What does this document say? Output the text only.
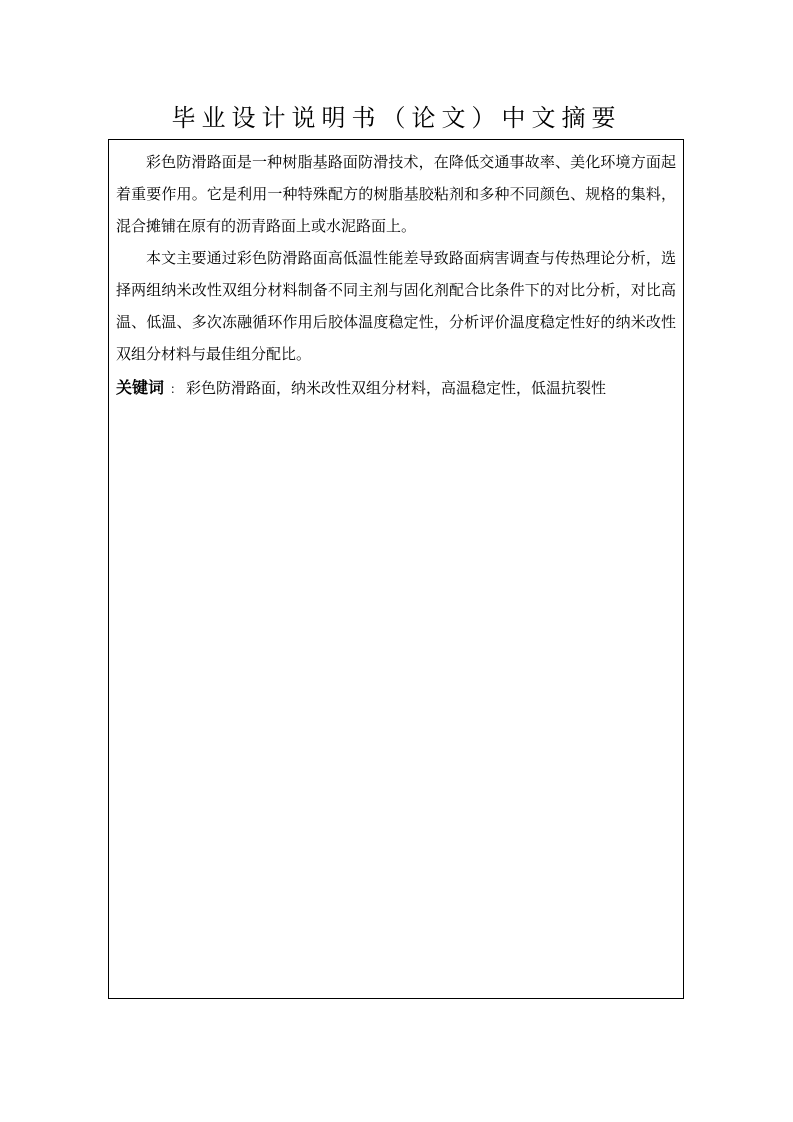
毕业设计说明书（论文）中文摘要

彩色防滑路面是一种树脂基路面防滑技术，在降低交通事故率、美化环境方面起着重要作用。它是利用一种特殊配方的树脂基胶粘剂和多种不同颜色、规格的集料，混合摊铺在原有的沥青路面上或水泥路面上。

本文主要通过彩色防滑路面高低温性能差导致路面病害调查与传热理论分析，选择两组纳米改性双组分材料制备不同主剂与固化剂配合比条件下的对比分析，对比高温、低温、多次冻融循环作用后胶体温度稳定性，分析评价温度稳定性好的纳米改性双组分材料与最佳组分配比。

关键词 ： 彩色防滑路面，纳米改性双组分材料，高温稳定性，低温抗裂性
